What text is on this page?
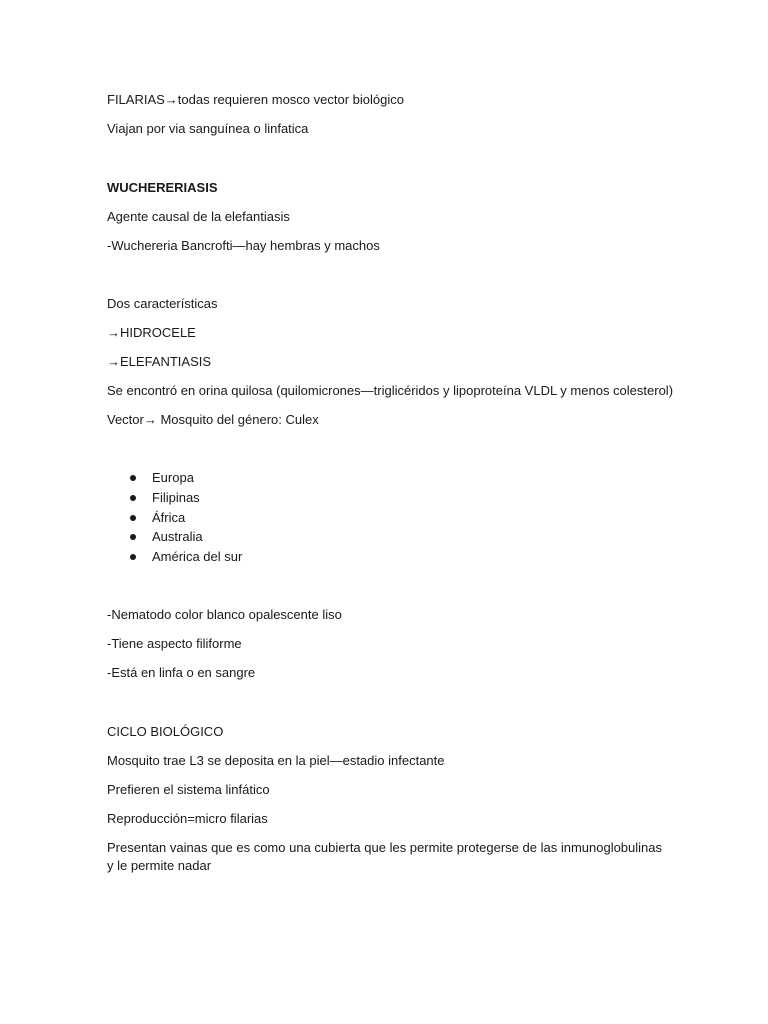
FILARIAS→todas requieren mosco vector biológico
Viajan por via sanguínea o linfatica
WUCHERERIASIS
Agente causal de la elefantiasis
-Wuchereria Bancrofti—hay hembras y machos
Dos características
→HIDROCELE
→ELEFANTIASIS
Se encontró en orina quilosa (quilomicrones—triglicéridos y lipoproteína VLDL y menos colesterol)
Vector→ Mosquito del género: Culex
Europa
Filipinas
África
Australia
América del sur
-Nematodo color blanco opalescente liso
-Tiene aspecto filiforme
-Está en linfa o en sangre
CICLO BIOLÓGICO
Mosquito trae L3 se deposita en la piel—estadio infectante
Prefieren el sistema linfático
Reproducción=micro filarias
Presentan vainas que es como una cubierta que les permite protegerse de las inmunoglobulinas y le permite nadar
